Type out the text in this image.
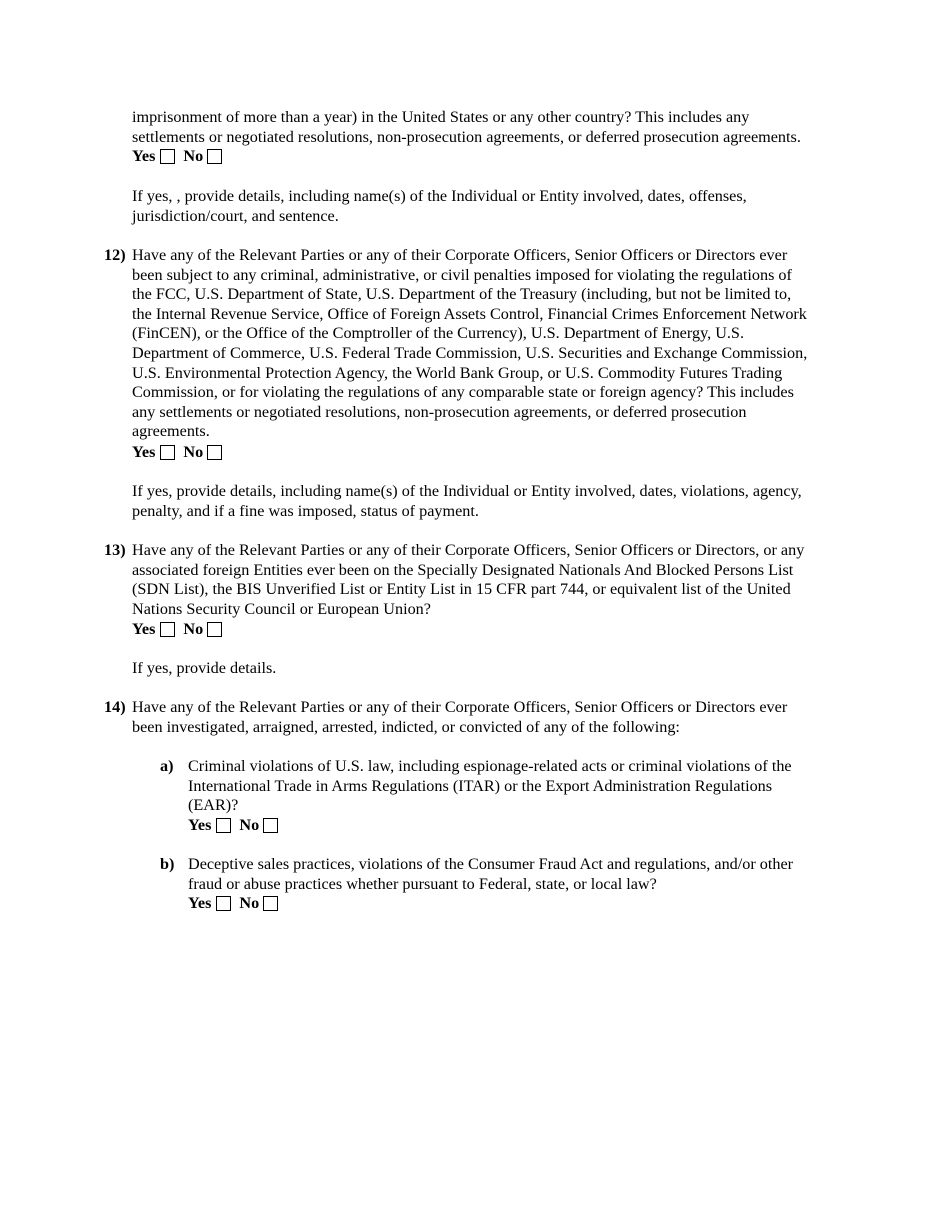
imprisonment of more than a year) in the United States or any other country? This includes any
settlements or negotiated resolutions, non-prosecution agreements, or deferred prosecution agreements.
Yes No
If yes, , provide details, including name(s) of the Individual or Entity involved, dates, offenses,
jurisdiction/court, and sentence.
12) Have any of the Relevant Parties or any of their Corporate Officers, Senior Officers or Directors ever
been subject to any criminal, administrative, or civil penalties imposed for violating the regulations of
the FCC, U.S. Department of State, U.S. Department of the Treasury (including, but not be limited to,
the Internal Revenue Service, Office of Foreign Assets Control, Financial Crimes Enforcement Network
(FinCEN), or the Office of the Comptroller of the Currency), U.S. Department of Energy, U.S.
Department of Commerce, U.S. Federal Trade Commission, U.S. Securities and Exchange Commission,
U.S. Environmental Protection Agency, the World Bank Group, or U.S. Commodity Futures Trading
Commission, or for violating the regulations of any comparable state or foreign agency? This includes
any settlements or negotiated resolutions, non-prosecution agreements, or deferred prosecution
agreements.
Yes No
If yes, provide details, including name(s) of the Individual or Entity involved, dates, violations, agency,
penalty, and if a fine was imposed, status of payment.
13) Have any of the Relevant Parties or any of their Corporate Officers, Senior Officers or Directors, or any
associated foreign Entities ever been on the Specially Designated Nationals And Blocked Persons List
(SDN List), the BIS Unverified List or Entity List in 15 CFR part 744, or equivalent list of the United
Nations Security Council or European Union?
Yes No
If yes, provide details.
14) Have any of the Relevant Parties or any of their Corporate Officers, Senior Officers or Directors ever
been investigated, arraigned, arrested, indicted, or convicted of any of the following:
a) Criminal violations of U.S. law, including espionage-related acts or criminal violations of the
International Trade in Arms Regulations (ITAR) or the Export Administration Regulations
(EAR)?
Yes No
b) Deceptive sales practices, violations of the Consumer Fraud Act and regulations, and/or other
fraud or abuse practices whether pursuant to Federal, state, or local law?
Yes No
